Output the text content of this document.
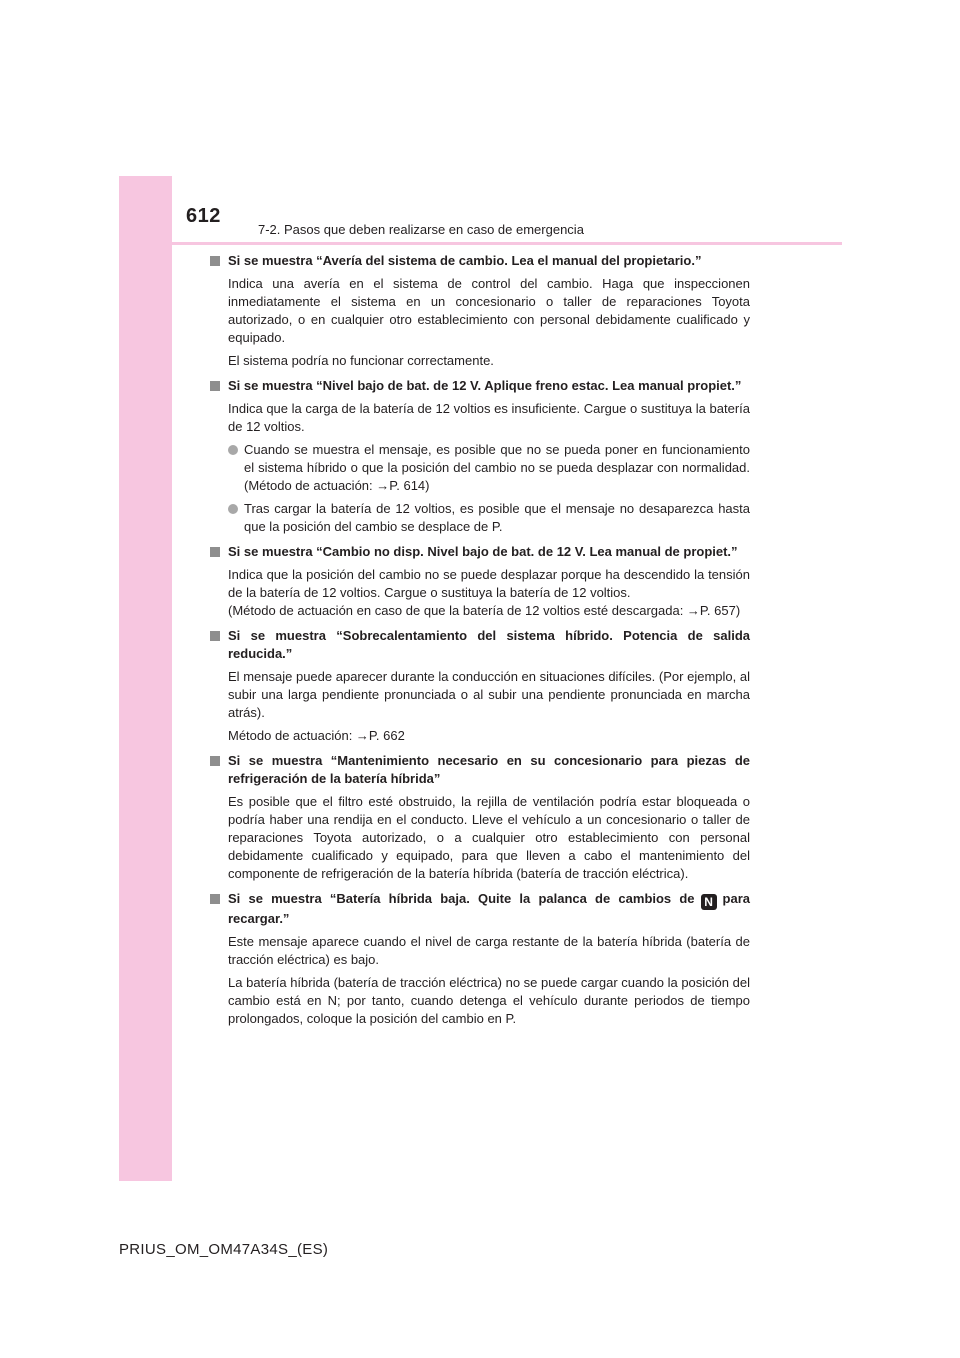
612
7-2. Pasos que deben realizarse en caso de emergencia
Si se muestra “Avería del sistema de cambio. Lea el manual del propietario.”
Indica una avería en el sistema de control del cambio. Haga que inspeccionen inmediatamente el sistema en un concesionario o taller de reparaciones Toyota autorizado, o en cualquier otro establecimiento con personal debidamente cualificado y equipado.
El sistema podría no funcionar correctamente.
Si se muestra “Nivel bajo de bat. de 12 V. Aplique freno estac. Lea manual propiet.”
Indica que la carga de la batería de 12 voltios es insuficiente. Cargue o sustituya la batería de 12 voltios.
Cuando se muestra el mensaje, es posible que no se pueda poner en funcionamiento el sistema híbrido o que la posición del cambio no se pueda desplazar con normalidad. (Método de actuación: →P. 614)
Tras cargar la batería de 12 voltios, es posible que el mensaje no desaparezca hasta que la posición del cambio se desplace de P.
Si se muestra “Cambio no disp. Nivel bajo de bat. de 12 V. Lea manual de propiet.”
Indica que la posición del cambio no se puede desplazar porque ha descendido la tensión de la batería de 12 voltios. Cargue o sustituya la batería de 12 voltios.
(Método de actuación en caso de que la batería de 12 voltios esté descargada: →P. 657)
Si se muestra “Sobrecalentamiento del sistema híbrido. Potencia de salida reducida.”
El mensaje puede aparecer durante la conducción en situaciones difíciles. (Por ejemplo, al subir una larga pendiente pronunciada o al subir una pendiente pronunciada en marcha atrás).
Método de actuación: →P. 662
Si se muestra “Mantenimiento necesario en su concesionario para piezas de refrigeración de la batería híbrida”
Es posible que el filtro esté obstruido, la rejilla de ventilación podría estar bloqueada o podría haber una rendija en el conducto. Lleve el vehículo a un concesionario o taller de reparaciones Toyota autorizado, o a cualquier otro establecimiento con personal debidamente cualificado y equipado, para que lleven a cabo el mantenimiento del componente de refrigeración de la batería híbrida (batería de tracción eléctrica).
Si se muestra “Batería híbrida baja. Quite la palanca de cambios de N para recargar.”
Este mensaje aparece cuando el nivel de carga restante de la batería híbrida (batería de tracción eléctrica) es bajo.
La batería híbrida (batería de tracción eléctrica) no se puede cargar cuando la posición del cambio está en N; por tanto, cuando detenga el vehículo durante periodos de tiempo prolongados, coloque la posición del cambio en P.
PRIUS_OM_OM47A34S_(ES)
